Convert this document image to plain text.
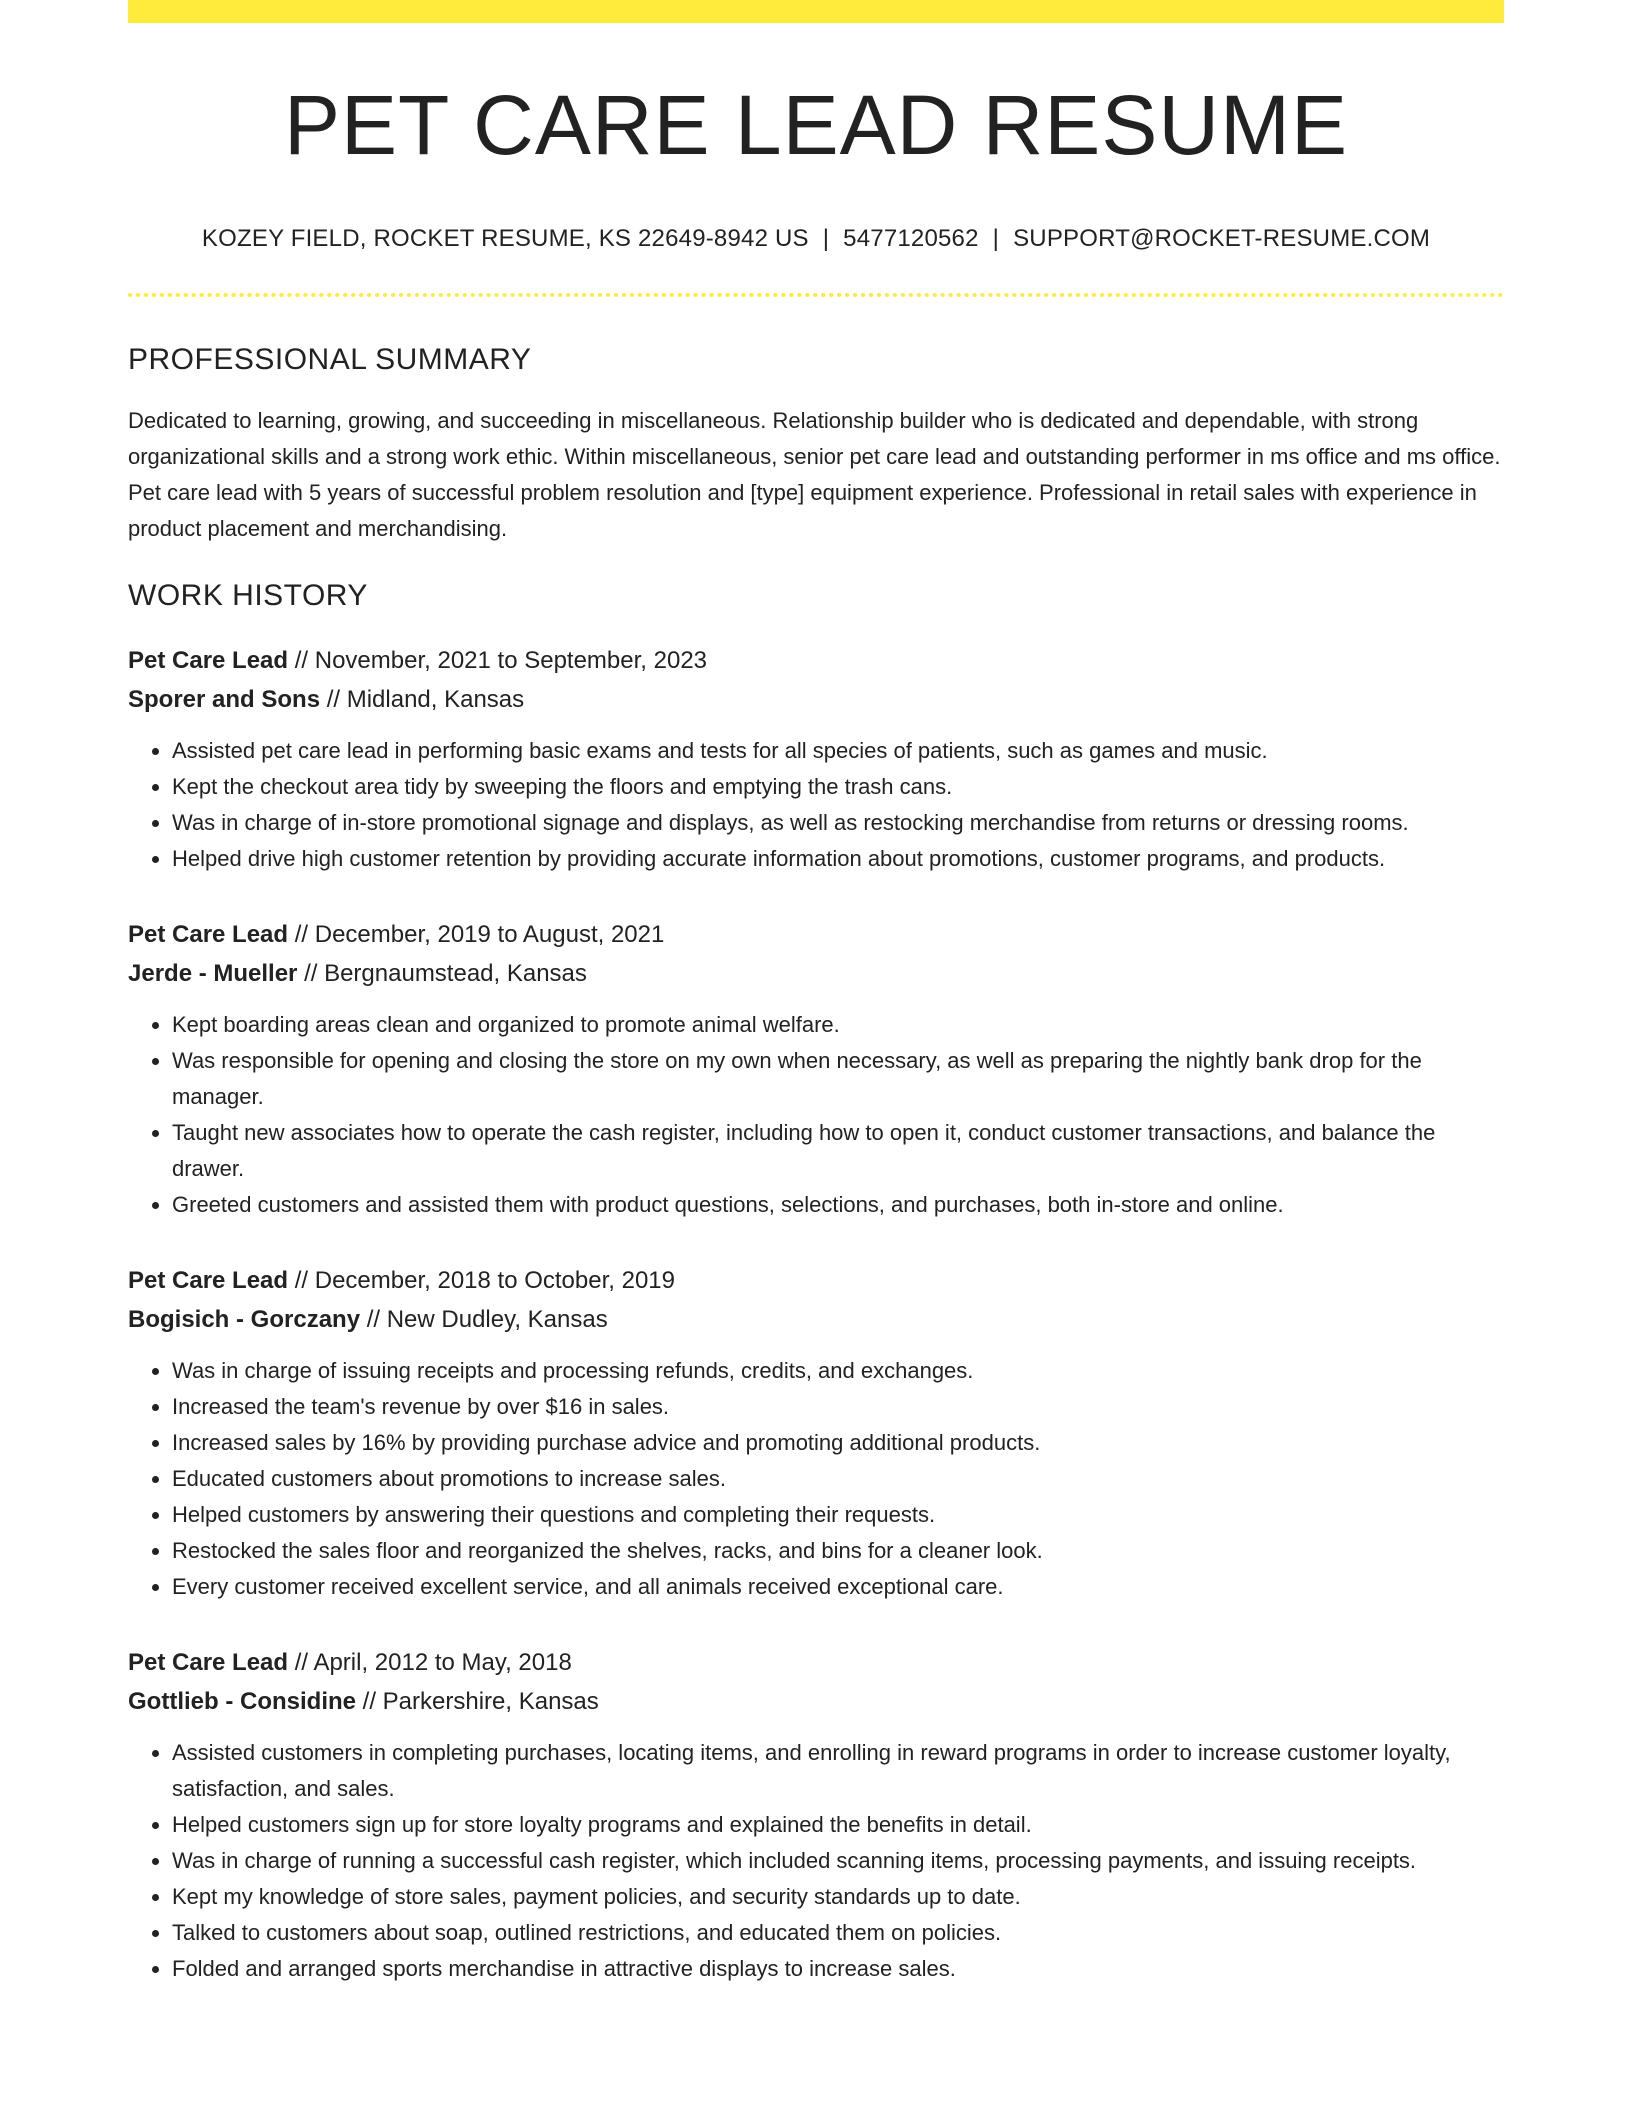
PET CARE LEAD RESUME
KOZEY FIELD, ROCKET RESUME, KS 22649-8942 US | 5477120562 | SUPPORT@ROCKET-RESUME.COM
PROFESSIONAL SUMMARY
Dedicated to learning, growing, and succeeding in miscellaneous. Relationship builder who is dedicated and dependable, with strong organizational skills and a strong work ethic. Within miscellaneous, senior pet care lead and outstanding performer in ms office and ms office. Pet care lead with 5 years of successful problem resolution and [type] equipment experience. Professional in retail sales with experience in product placement and merchandising.
WORK HISTORY
Pet Care Lead // November, 2021 to September, 2023
Sporer and Sons // Midland, Kansas
• Assisted pet care lead in performing basic exams and tests for all species of patients, such as games and music.
• Kept the checkout area tidy by sweeping the floors and emptying the trash cans.
• Was in charge of in-store promotional signage and displays, as well as restocking merchandise from returns or dressing rooms.
• Helped drive high customer retention by providing accurate information about promotions, customer programs, and products.
Pet Care Lead // December, 2019 to August, 2021
Jerde - Mueller // Bergnaumstead, Kansas
• Kept boarding areas clean and organized to promote animal welfare.
• Was responsible for opening and closing the store on my own when necessary, as well as preparing the nightly bank drop for the manager.
• Taught new associates how to operate the cash register, including how to open it, conduct customer transactions, and balance the drawer.
• Greeted customers and assisted them with product questions, selections, and purchases, both in-store and online.
Pet Care Lead // December, 2018 to October, 2019
Bogisich - Gorczany // New Dudley, Kansas
• Was in charge of issuing receipts and processing refunds, credits, and exchanges.
• Increased the team's revenue by over $16 in sales.
• Increased sales by 16% by providing purchase advice and promoting additional products.
• Educated customers about promotions to increase sales.
• Helped customers by answering their questions and completing their requests.
• Restocked the sales floor and reorganized the shelves, racks, and bins for a cleaner look.
• Every customer received excellent service, and all animals received exceptional care.
Pet Care Lead // April, 2012 to May, 2018
Gottlieb - Considine // Parkershire, Kansas
• Assisted customers in completing purchases, locating items, and enrolling in reward programs in order to increase customer loyalty, satisfaction, and sales.
• Helped customers sign up for store loyalty programs and explained the benefits in detail.
• Was in charge of running a successful cash register, which included scanning items, processing payments, and issuing receipts.
• Kept my knowledge of store sales, payment policies, and security standards up to date.
• Talked to customers about soap, outlined restrictions, and educated them on policies.
• Folded and arranged sports merchandise in attractive displays to increase sales.
